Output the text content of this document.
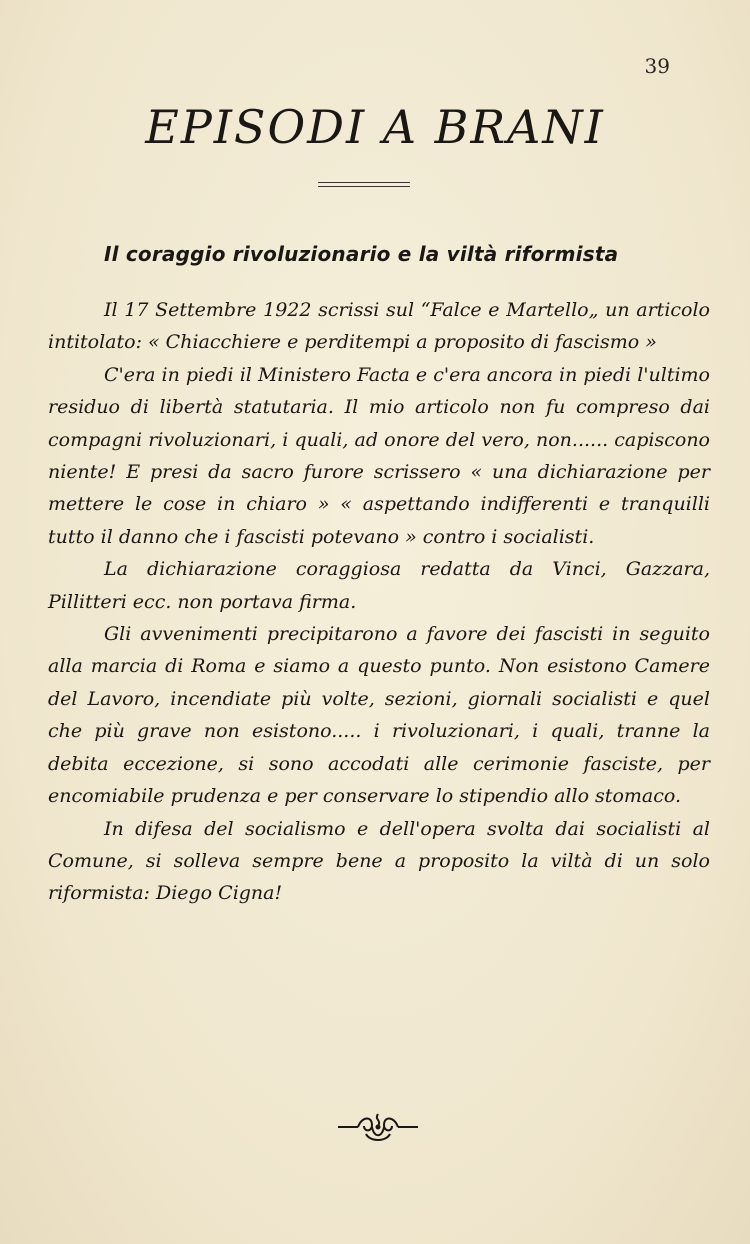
39
EPISODI A BRANI
Il coraggio rivoluzionario e la viltà riformista

Il 17 Settembre 1922 scrissi sul “Falce e Martello„ un articolo intitolato: « Chiacchiere e perditempi a proposito di fascismo »

C'era in piedi il Ministero Facta e c'era ancora in piedi l'ultimo residuo di libertà statutaria. Il mio articolo non fu compreso dai compagni rivoluzionari, i quali, ad onore del vero, non...... capiscono niente! E presi da sacro furore scrissero « una dichiarazione per mettere le cose in chiaro » « aspettando indifferenti e tranquilli tutto il danno che i fascisti potevano » contro i socialisti.

La dichiarazione coraggiosa redatta da Vinci, Gazzara, Pillitteri ecc. non portava firma.

Gli avvenimenti precipitarono a favore dei fascisti in seguito alla marcia di Roma e siamo a questo punto. Non esistono Camere del Lavoro, incendiate più volte, sezioni, giornali socialisti e quel che più grave non esistono..... i rivoluzionari, i quali, tranne la debita eccezione, si sono accodati alle cerimonie fasciste, per encomiabile prudenza e per conservare lo stipendio allo stomaco.

In difesa del socialismo e dell'opera svolta dai socialisti al Comune, si solleva sempre bene a proposito la viltà di un solo riformista: Diego Cigna!
